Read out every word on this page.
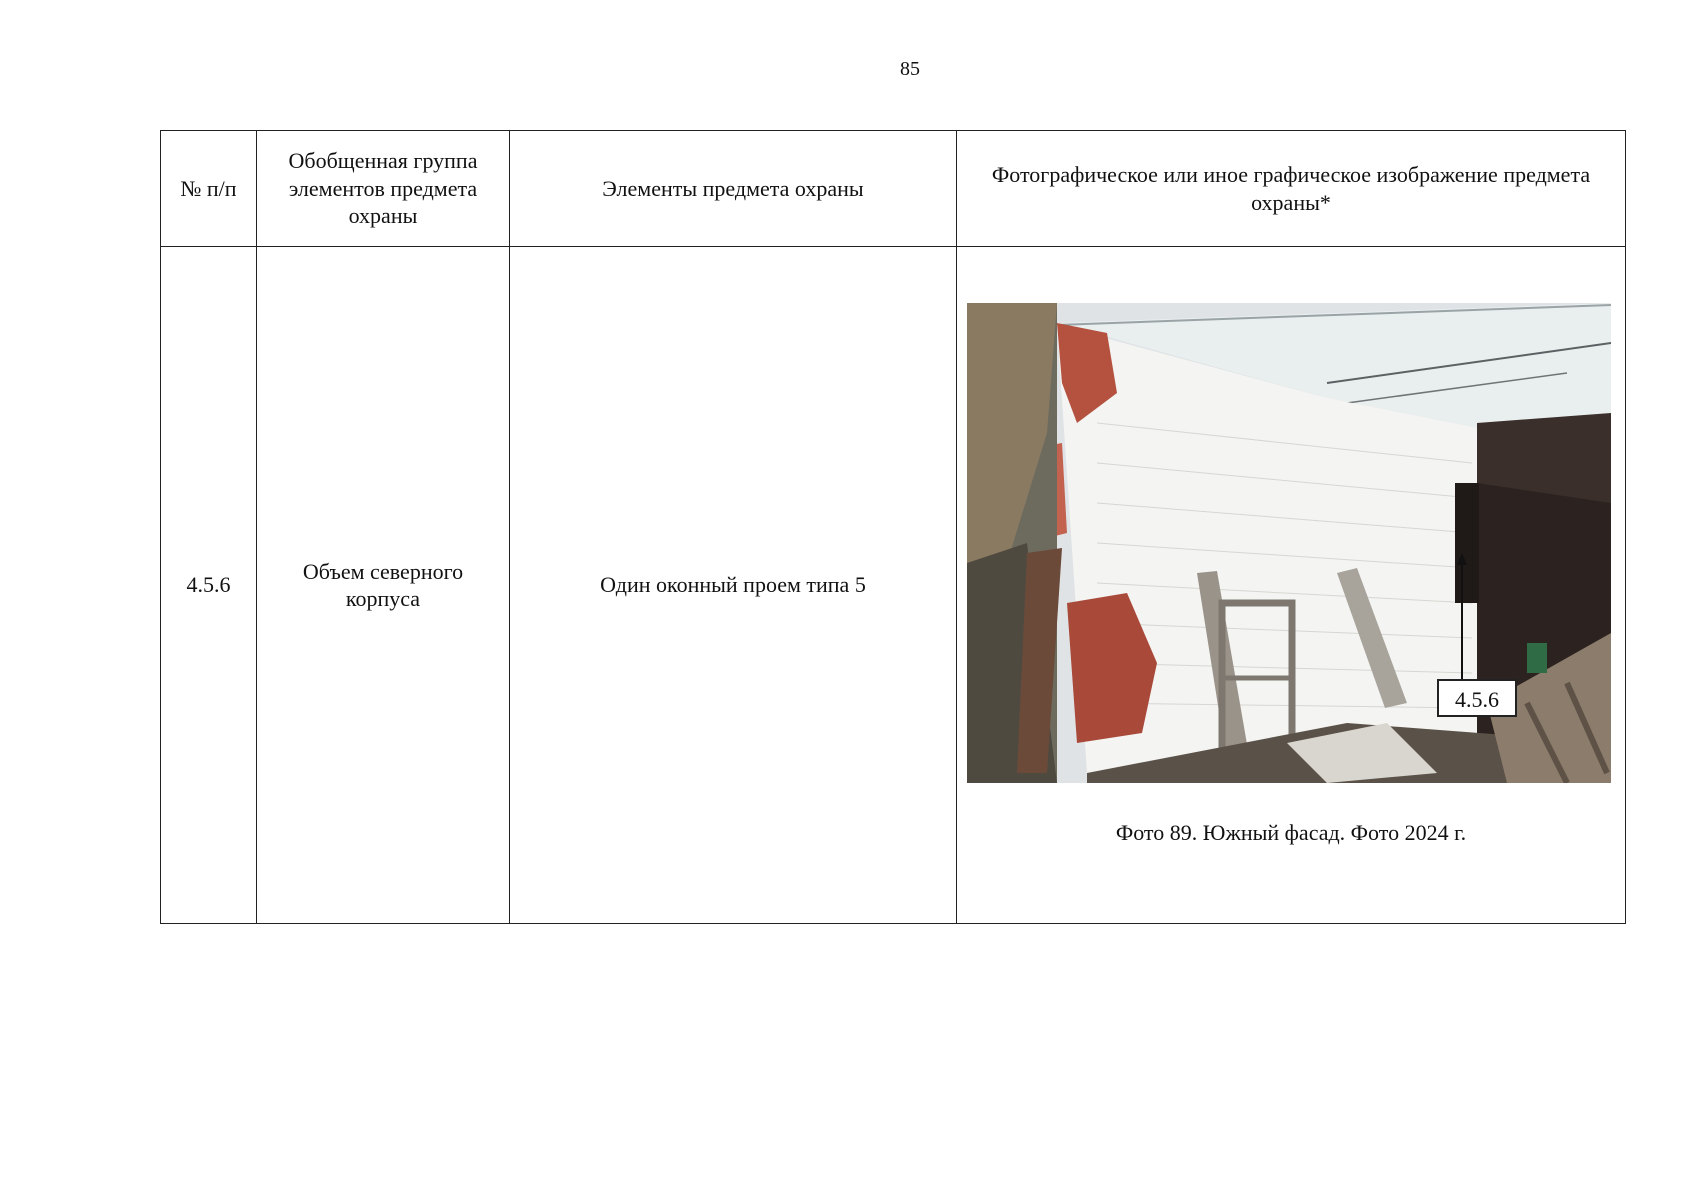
85
№ п/п	Обобщенная группа элементов предмета охраны	Элементы предмета охраны	Фотографическое или иное графическое изображение предмета охраны*
4.5.6	Объем северного корпуса	Один оконный проем типа 5	4.5.6
Фото 89. Южный фасад. Фото 2024 г.
